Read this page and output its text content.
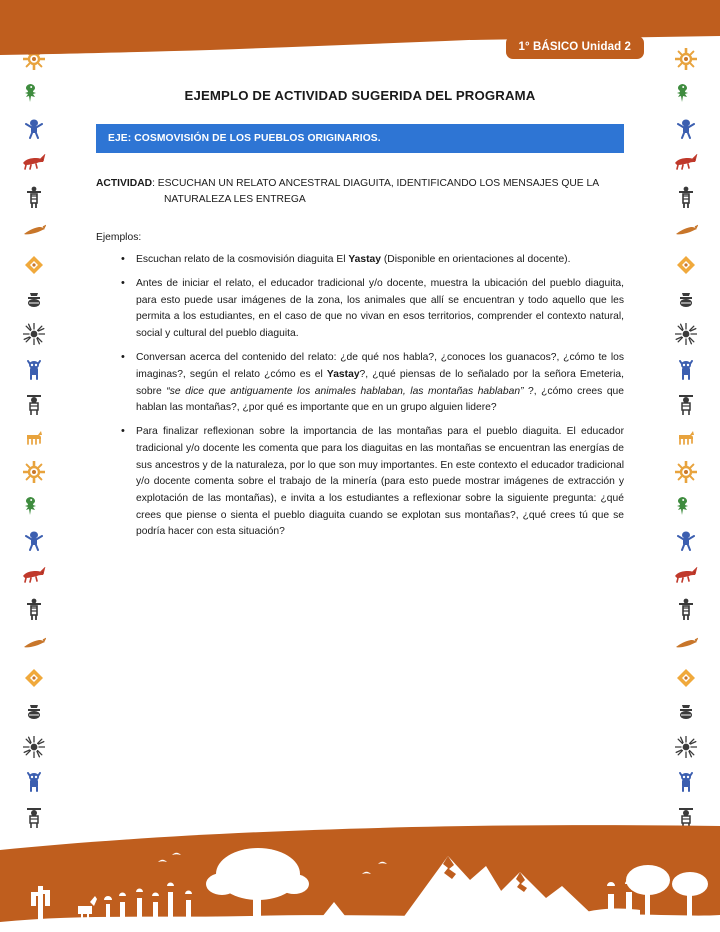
1° BÁSICO Unidad 2
EJEMPLO DE ACTIVIDAD SUGERIDA DEL PROGRAMA
EJE: COSMOVISIÓN DE LOS PUEBLOS ORIGINARIOS.

ACTIVIDAD: ESCUCHAN UN RELATO ANCESTRAL DIAGUITA, IDENTIFICANDO LOS MENSAJES QUE LA
NATURALEZA LES ENTREGA

Ejemplos:

• Escuchan relato de la cosmovisión diaguita El Yastay (Disponible en orientaciones al docente).
• Antes de iniciar el relato, el educador tradicional y/o docente, muestra la ubicación del pueblo diaguita, para esto puede usar imágenes de la zona, los animales que allí se encuentran y todo aquello que les permita a los estudiantes, en el caso de que no vivan en esos territorios, comprender el contexto natural, social y cultural del pueblo diaguita.
• Conversan acerca del contenido del relato: ¿de qué nos habla?, ¿conoces los guanacos?, ¿cómo te los imaginas?, según el relato ¿cómo es el Yastay?, ¿qué piensas de lo señalado por la señora Emeteria, sobre “se dice que antiguamente los animales hablaban, las montañas hablaban” ?, ¿cómo crees que hablan las montañas?, ¿por qué es importante que en un grupo alguien lidere?
• Para finalizar reflexionan sobre la importancia de las montañas para el pueblo diaguita. El educador tradicional y/o docente les comenta que para los diaguitas en las montañas se encuentran las energías de sus ancestros y de la naturaleza, por lo que son muy importantes. En este contexto el educador tradicional y/o docente comenta sobre el trabajo de la minería (para esto puede mostrar imágenes de extracción y explotación de las montañas), e invita a los estudiantes a reflexionar sobre la siguiente pregunta: ¿qué crees que piense o sienta el pueblo diaguita cuando se explotan sus montañas?, ¿qué crees tú que se podría hacer con esta situación?
